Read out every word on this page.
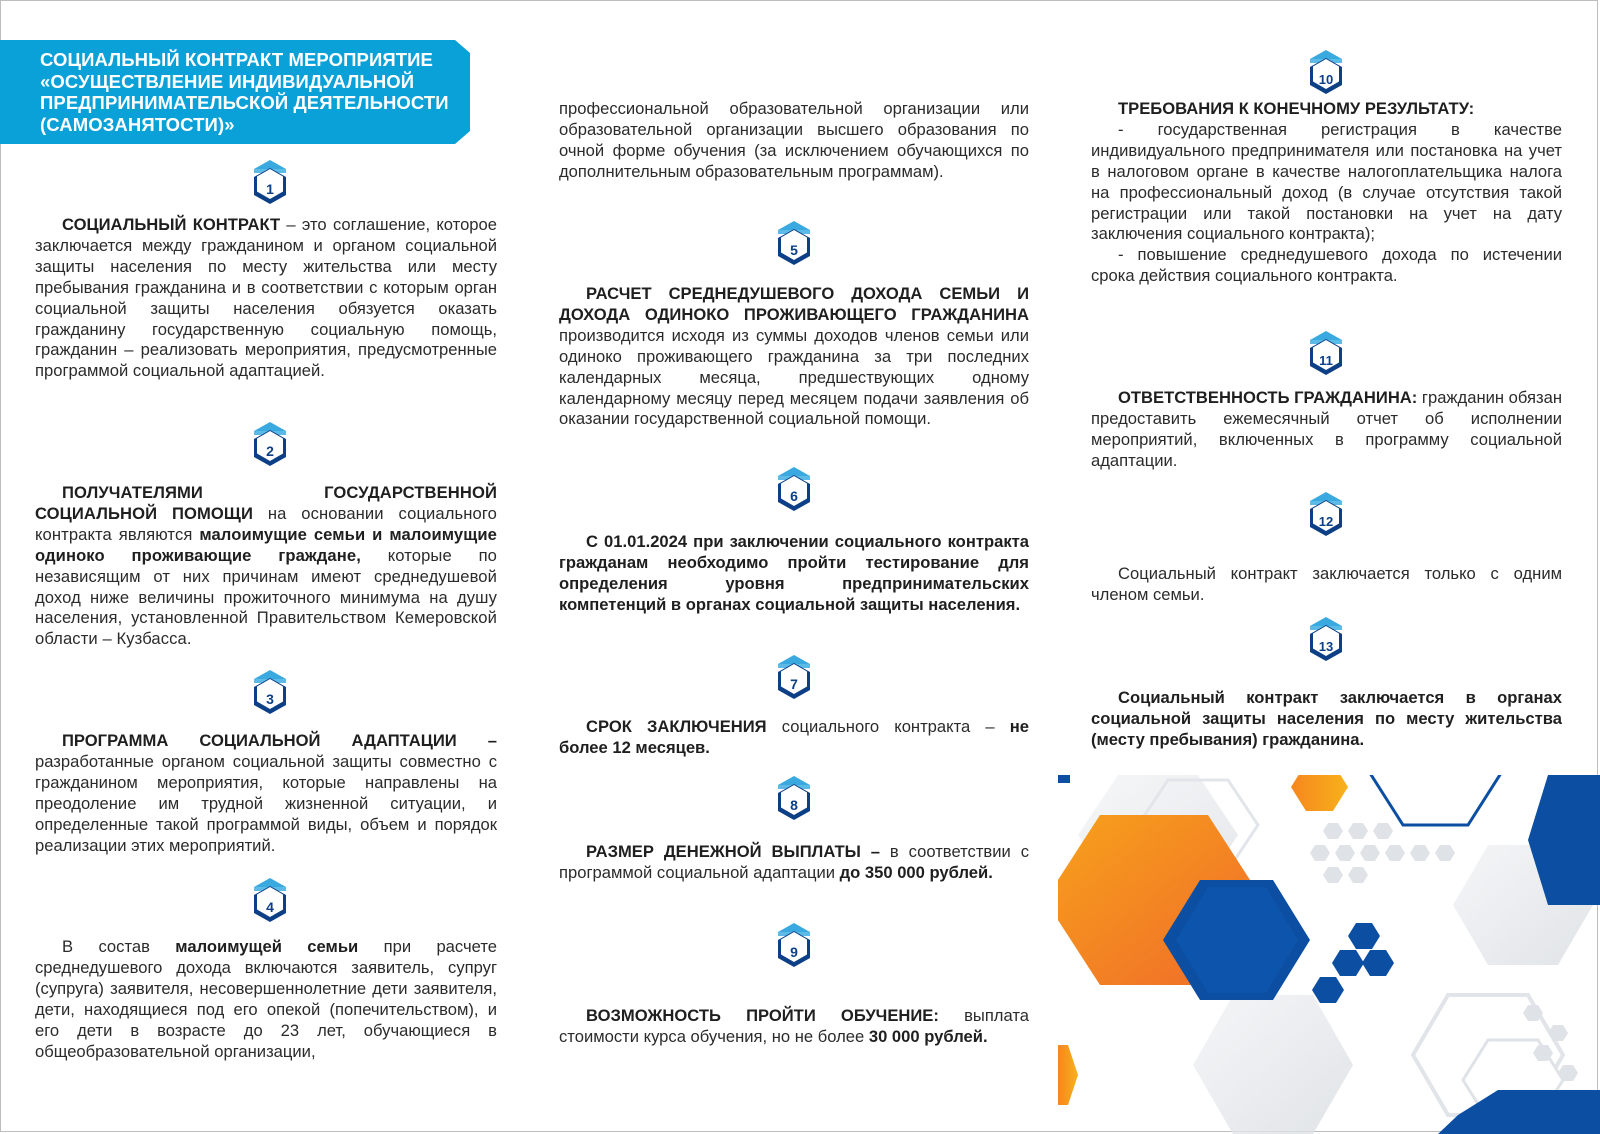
СОЦИАЛЬНЫЙ КОНТРАКТ МЕРОПРИЯТИЕ «ОСУЩЕСТВЛЕНИЕ ИНДИВИДУАЛЬНОЙ ПРЕДПРИНИМАТЕЛЬСКОЙ ДЕЯТЕЛЬНОСТИ (САМОЗАНЯТОСТИ)»
1

СОЦИАЛЬНЫЙ КОНТРАКТ – это соглашение, которое заключается между гражданином и органом социальной защиты населения по месту жительства или месту пребывания гражданина и в соответствии с которым орган социальной защиты населения обязуется оказать гражданину государственную социальную помощь, гражданин – реализовать мероприятия, предусмотренные программой социальной адаптацией.

2

ПОЛУЧАТЕЛЯМИ ГОСУДАРСТВЕННОЙ СОЦИАЛЬНОЙ ПОМОЩИ на основании социального контракта являются малоимущие семьи и малоимущие одиноко проживающие граждане, которые по независящим от них причинам имеют среднедушевой доход ниже величины прожиточного минимума на душу населения, установленной Правительством Кемеровской области – Кузбасса.

3

ПРОГРАММА СОЦИАЛЬНОЙ АДАПТАЦИИ – разработанные органом социальной защиты совместно с гражданином мероприятия, которые направлены на преодоление им трудной жизненной ситуации, и определенные такой программой виды, объем и порядок реализации этих мероприятий.

4

В состав малоимущей семьи при расчете среднедушевого дохода включаются заявитель, супруг (супруга) заявителя, несовершеннолетние дети заявителя, дети, находящиеся под его опекой (попечительством), и его дети в возрасте до 23 лет, обучающиеся в общеобразовательной организации,

профессиональной образовательной организации или образовательной организации высшего образования по очной форме обучения (за исключением обучающихся по дополнительным образовательным программам).

5

РАСЧЕТ СРЕДНЕДУШЕВОГО ДОХОДА СЕМЬИ И ДОХОДА ОДИНОКО ПРОЖИВАЮЩЕГО ГРАЖДАНИНА производится исходя из суммы доходов членов семьи или одиноко проживающего гражданина за три последних календарных месяца, предшествующих одному календарному месяцу перед месяцем подачи заявления об оказании государственной социальной помощи.

6

С 01.01.2024 при заключении социального контракта гражданам необходимо пройти тестирование для определения уровня предпринимательских компетенций в органах социальной защиты населения.

7

СРОК ЗАКЛЮЧЕНИЯ социального контракта – не более 12 месяцев.

8

РАЗМЕР ДЕНЕЖНОЙ ВЫПЛАТЫ – в соответствии с программой социальной адаптации до 350 000 рублей.

9

ВОЗМОЖНОСТЬ ПРОЙТИ ОБУЧЕНИЕ: выплата стоимости курса обучения, но не более 30 000 рублей.

10

ТРЕБОВАНИЯ К КОНЕЧНОМУ РЕЗУЛЬТАТУ:

- государственная регистрация в качестве индивидуального предпринимателя или постановка на учет в налоговом органе в качестве налогоплательщика налога на профессиональный доход (в случае отсутствия такой регистрации или такой постановки на учет на дату заключения социального контракта);

- повышение среднедушевого дохода по истечении срока действия социального контракта.

11

ОТВЕТСТВЕННОСТЬ ГРАЖДАНИНА: гражданин обязан предоставить ежемесячный отчет об исполнении мероприятий, включенных в программу социальной адаптации.

12

Социальный контракт заключается только с одним членом семьи.

13

Социальный контракт заключается в органах социальной защиты населения по месту жительства (месту пребывания) гражданина.
